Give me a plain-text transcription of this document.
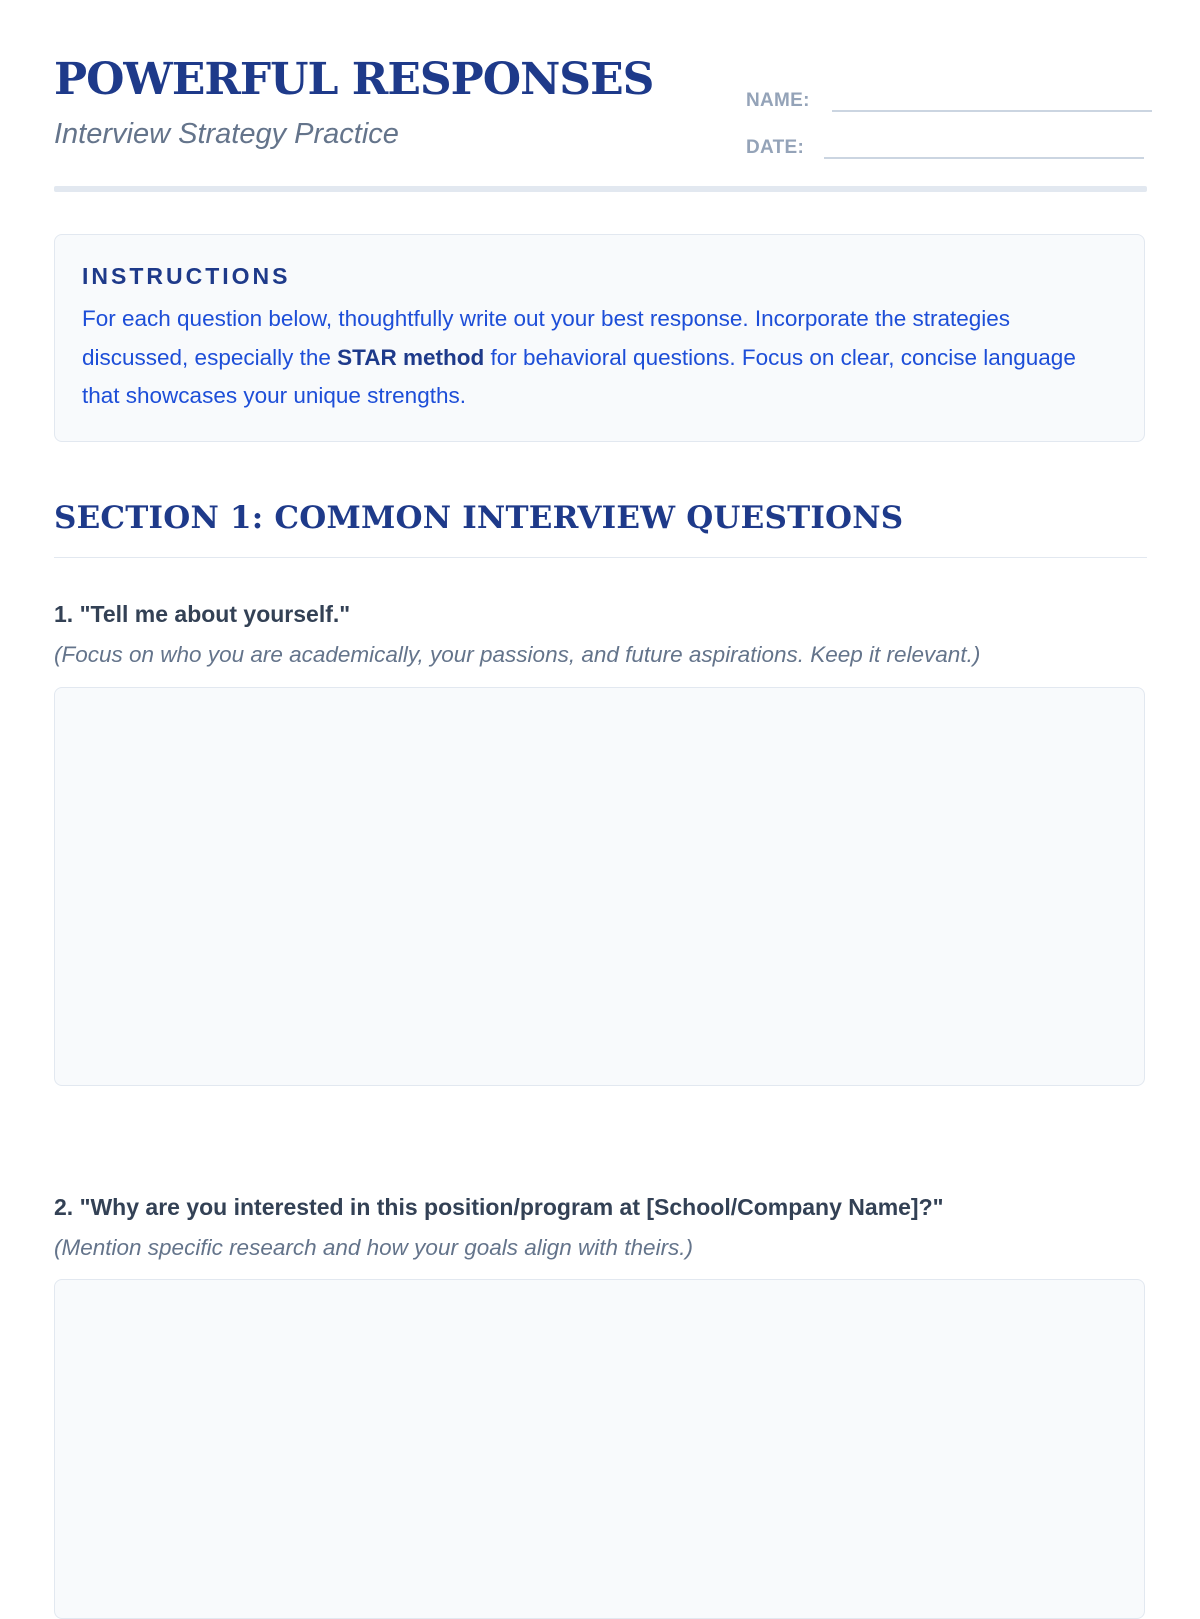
POWERFUL RESPONSES

Interview Strategy Practice

NAME:
DATE:
INSTRUCTIONS

For each question below, thoughtfully write out your best response. Incorporate the strategies discussed, especially the STAR method for behavioral questions. Focus on clear, concise language that showcases your unique strengths.

SECTION 1: COMMON INTERVIEW QUESTIONS

1. "Tell me about yourself."

(Focus on who you are academically, your passions, and future aspirations. Keep it relevant.)

2. "Why are you interested in this position/program at [School/Company Name]?"

(Mention specific research and how your goals align with theirs.)
